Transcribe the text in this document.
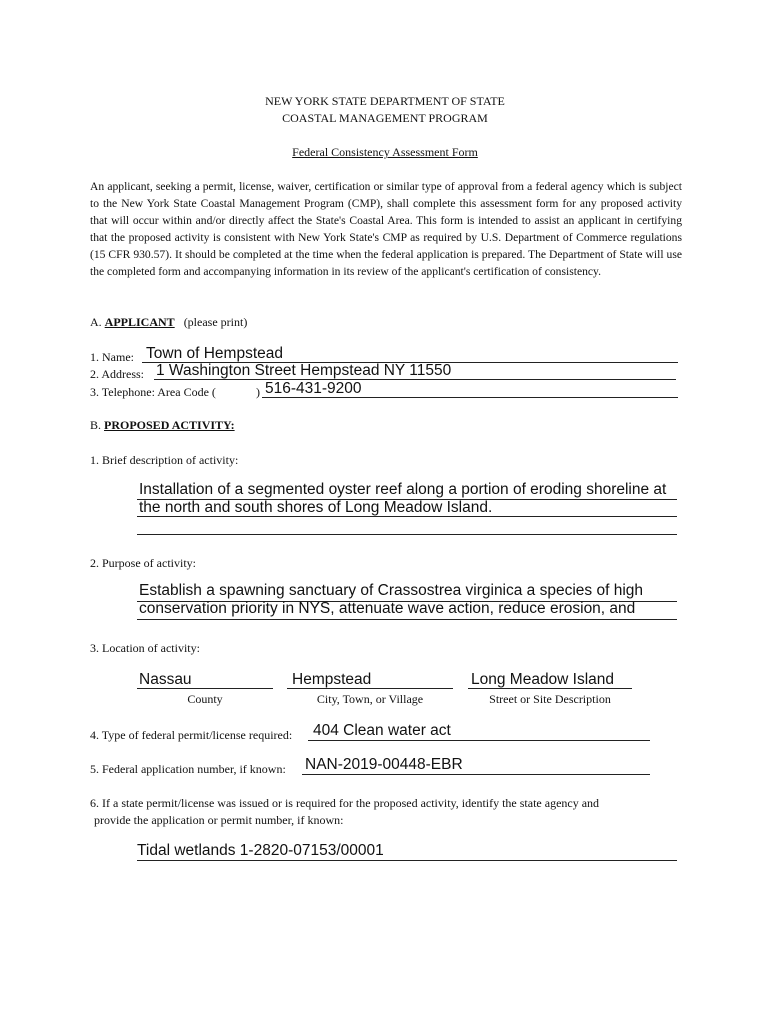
NEW YORK STATE DEPARTMENT OF STATE
COASTAL MANAGEMENT PROGRAM
Federal Consistency Assessment Form
An applicant, seeking a permit, license, waiver, certification or similar type of approval from a federal agency which is subject to the New York State Coastal Management Program (CMP), shall complete this assessment form for any proposed activity that will occur within and/or directly affect the State's Coastal Area. This form is intended to assist an applicant in certifying that the proposed activity is consistent with New York State's CMP as required by U.S. Department of Commerce regulations (15 CFR 930.57). It should be completed at the time when the federal application is prepared. The Department of State will use the completed form and accompanying information in its review of the applicant's certification of consistency.
A. APPLICANT (please print)
1. Name: Town of Hempstead
2. Address: 1 Washington Street Hempstead NY 11550
3. Telephone: Area Code (	) 516-431-9200
B. PROPOSED ACTIVITY:
1. Brief description of activity:
Installation of a segmented oyster reef along a portion of eroding shoreline at
the north and south shores of Long Meadow Island.
2. Purpose of activity:
Establish a spawning sanctuary of Crassostrea virginica a species of high
conservation priority in NYS, attenuate wave action, reduce erosion, and
3. Location of activity:
Nassau
County
Hempstead
City, Town, or Village
Long Meadow Island
Street or Site Description
4. Type of federal permit/license required: 404 Clean water act
5. Federal application number, if known: NAN-2019-00448-EBR
6. If a state permit/license was issued or is required for the proposed activity, identify the state agency and
provide the application or permit number, if known:
Tidal wetlands 1-2820-07153/00001
